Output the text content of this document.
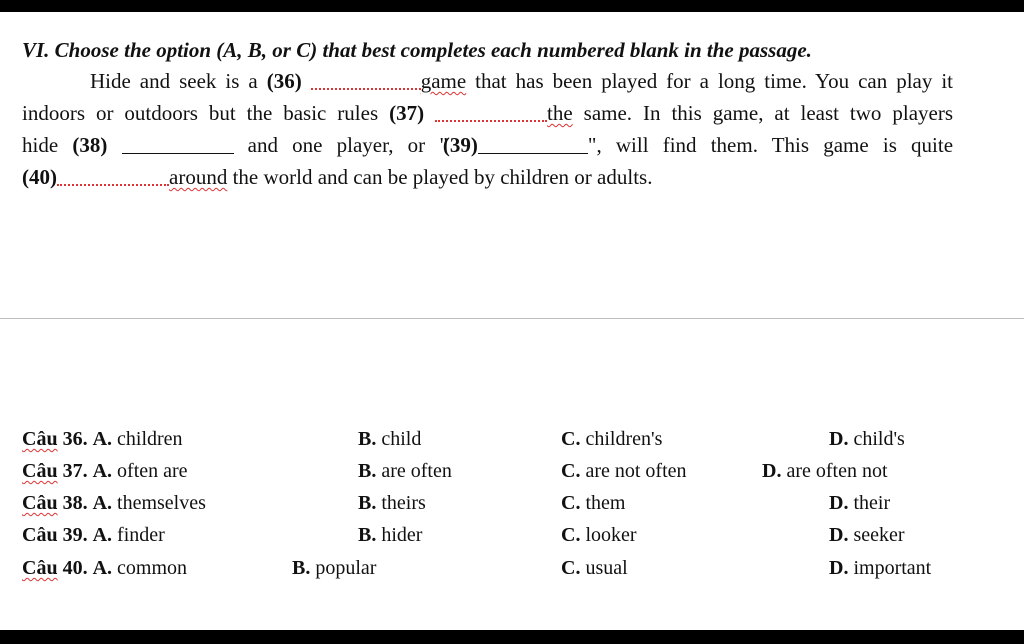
VI. Choose the option (A, B, or C) that best completes each numbered blank in the passage.
Hide and seek is a (36)	game that has been played for a long time. You can play it
indoors or outdoors but the basic rules (37)	the same. In this game, at least two players
hide (38)	and one player, or "(39)	", will find them. This game is quite
(40)	around the world and can be played by children or adults.
Câu 36. A. children	B. child	C. children's	D. child's
Câu 37. A. often are	B. are often	C. are not often	D. are often not
Câu 38. A. themselves	B. theirs	C. them	D. their
Câu 39. A. finder	B. hider	C. looker	D. seeker
Câu 40. A. common	B. popular	C. usual	D. important
